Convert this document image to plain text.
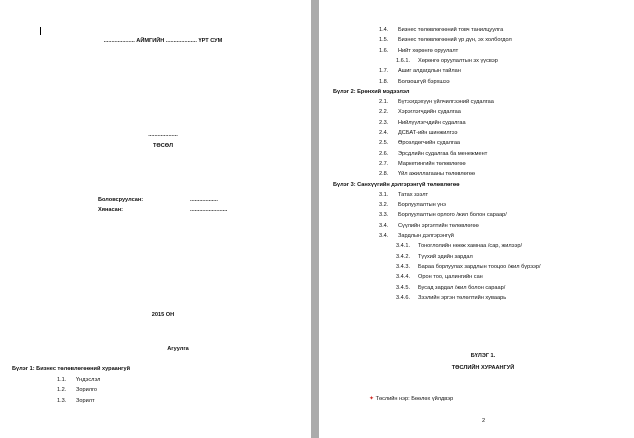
.................... АЙМГИЙН .................... ҮРТ СУМ
...................
ТӨСӨЛ
Боловсруулсан:	..................
Хянасан:	........................
2015 ОН
Агуулга
Бүлэг 1: Бизнес төлөвлөгөөний хураангуй
1.1. Үндэслэл
1.2. Зорилго
1.3. Зорилт
1.4. Бизнес төлөвлөгөөний товч танилцуулга
1.5. Бизнес төлөвлөгөөний үр дүн, эх холбогдол
1.6. Нийт хөрөнгө оруулалт
1.6.1. Хөрөнгө оруулалтын эх үүсвэр
1.7. Ашиг алдагдлын тайлан
1.8. Болзошгүй бэрхшээ
Бүлэг 2: Ерөнхий мэдээлэл
2.1. Бүтээгдэхүүн үйлчилгээний судалгаа
2.2. Хэрэглэгчдийн судалгаа
2.3. Нийлүүлэгчдийн судалгаа
2.4. ДСБАТ-ийн шинжилгээ
2.5. Өрсөлдөгчийн судалгаа
2.6. Эрсдлийн судалгаа ба менежмент
2.7. Маркетингийн төлөвлөгөө
2.8. Үйл ажиллагааны төлөвлөгөө
Бүлэг 3: Санхүүгийн дэлгэрэнгүй төлөвлөгөө
3.1. Татах зээлт
3.2. Борлуулалтын үнэ
3.3. Борлуулалтын орлого /жил болон сараар/
3.4. Сүүлийн эргэлтийн төлөвлөгөө
3.4. Зардлын дэлгэрэнгүй
3.4.1. Тоноглолийн нөөж хамнаа /сар, жилээр/
3.4.2. Түүхий эдийн зардал
3.4.3. Бараа борлуулах зардлын тооцоо /жил бүрээр/
3.4.4. Орон тоо, цалингийн сан
3.4.5. Бусад зардал /жил болон сараар/
3.4.6. Зээлийн эргэн төлөлтийн хуваарь
БҮЛЭГ 1.
ТӨСЛИЙН ХУРААНГУЙ
✦ Төслийн нэр: Бөөлөх үйлдвэр
2
